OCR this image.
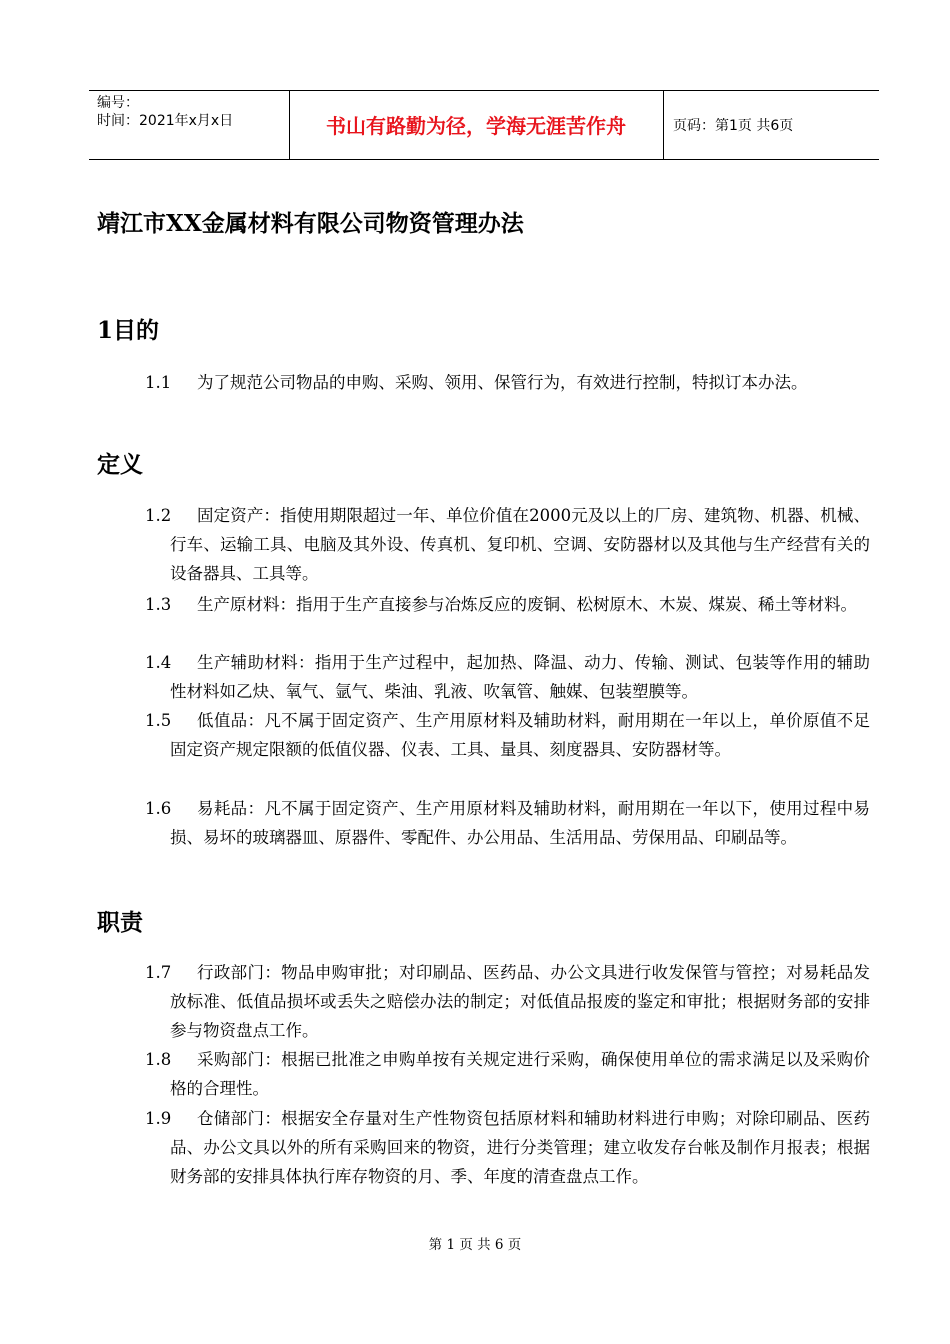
编号：
时间：2021年x月x日	书山有路勤为径，学海无涯苦作舟	页码：第1页 共6页
靖江市XX金属材料有限公司物资管理办法
1目的
1.1	为了规范公司物品的申购、采购、领用、保管行为，有效进行控制，特拟订本办法。
定义
1.2	固定资产：指使用期限超过一年、单位价值在2000元及以上的厂房、建筑物、机器、机械、行车、运输工具、电脑及其外设、传真机、复印机、空调、安防器材以及其他与生产经营有关的设备器具、工具等。
1.3	生产原材料：指用于生产直接参与冶炼反应的废铜、松树原木、木炭、煤炭、稀土等材料。
1.4	生产辅助材料：指用于生产过程中，起加热、降温、动力、传输、测试、包装等作用的辅助性材料如乙炔、氧气、氩气、柴油、乳液、吹氧管、触媒、包装塑膜等。
1.5	低值品：凡不属于固定资产、生产用原材料及辅助材料，耐用期在一年以上，单价原值不足固定资产规定限额的低值仪器、仪表、工具、量具、刻度器具、安防器材等。
1.6	易耗品：凡不属于固定资产、生产用原材料及辅助材料，耐用期在一年以下，使用过程中易损、易坏的玻璃器皿、原器件、零配件、办公用品、生活用品、劳保用品、印刷品等。
职责
1.7	行政部门：物品申购审批；对印刷品、医药品、办公文具进行收发保管与管控；对易耗品发放标准、低值品损坏或丢失之赔偿办法的制定；对低值品报废的鉴定和审批；根据财务部的安排参与物资盘点工作。
1.8	采购部门：根据已批准之申购单按有关规定进行采购，确保使用单位的需求满足以及采购价格的合理性。
1.9	仓储部门：根据安全存量对生产性物资包括原材料和辅助材料进行申购；对除印刷品、医药品、办公文具以外的所有采购回来的物资，进行分类管理；建立收发存台帐及制作月报表；根据财务部的安排具体执行库存物资的月、季、年度的清查盘点工作。
第 1 页 共 6 页
